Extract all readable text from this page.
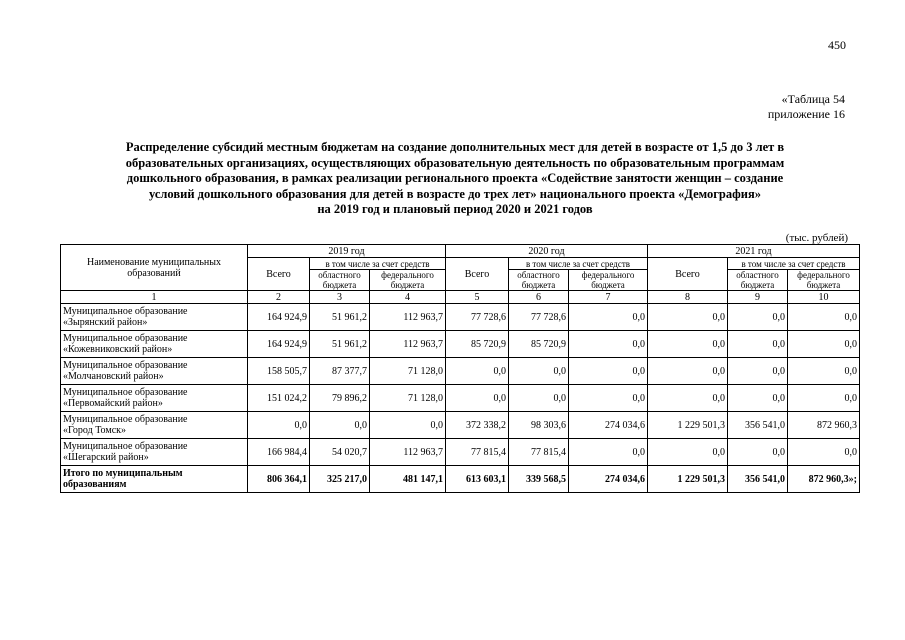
450
«Таблица 54
приложение 16
Распределение субсидий местным бюджетам на создание дополнительных мест для детей в возрасте от 1,5 до 3 лет в
образовательных организациях, осуществляющих образовательную деятельность по образовательным программам
дошкольного образования, в рамках реализации регионального проекта «Содействие занятости женщин – создание
условий дошкольного образования для детей в возрасте до трех лет» национального проекта «Демография»
на 2019 год и плановый период 2020 и 2021 годов
(тыс. рублей)
Наименование муниципальных образований	2019 год			2020 год			2021 год		
	Всего	в том числе за счет средств		Всего	в том числе за счет средств		Всего	в том числе за счет средств	
		областного бюджета	федерального бюджета		областного бюджета	федерального бюджета		областного бюджета	федерального бюджета
1	2	3	4	5	6	7	8	9	10

Муниципальное образование
«Зырянский район»	164 924,9	51 961,2	112 963,7	77 728,6	77 728,6	0,0	0,0	0,0	0,0

Муниципальное образование
«Кожевниковский район»	164 924,9	51 961,2	112 963,7	85 720,9	85 720,9	0,0	0,0	0,0	0,0

Муниципальное образование
«Молчановский район»	158 505,7	87 377,7	71 128,0	0,0	0,0	0,0	0,0	0,0	0,0

Муниципальное образование
«Первомайский район»	151 024,2	79 896,2	71 128,0	0,0	0,0	0,0	0,0	0,0	0,0

Муниципальное образование
«Город Томск»	0,0	0,0	0,0	372 338,2	98 303,6	274 034,6	1 229 501,3	356 541,0	872 960,3

Муниципальное образование
«Шегарский район»	166 984,4	54 020,7	112 963,7	77 815,4	77 815,4	0,0	0,0	0,0	0,0

Итого по муниципальным
образованиям	806 364,1	325 217,0	481 147,1	613 603,1	339 568,5	274 034,6	1 229 501,3	356 541,0	872 960,3»;
